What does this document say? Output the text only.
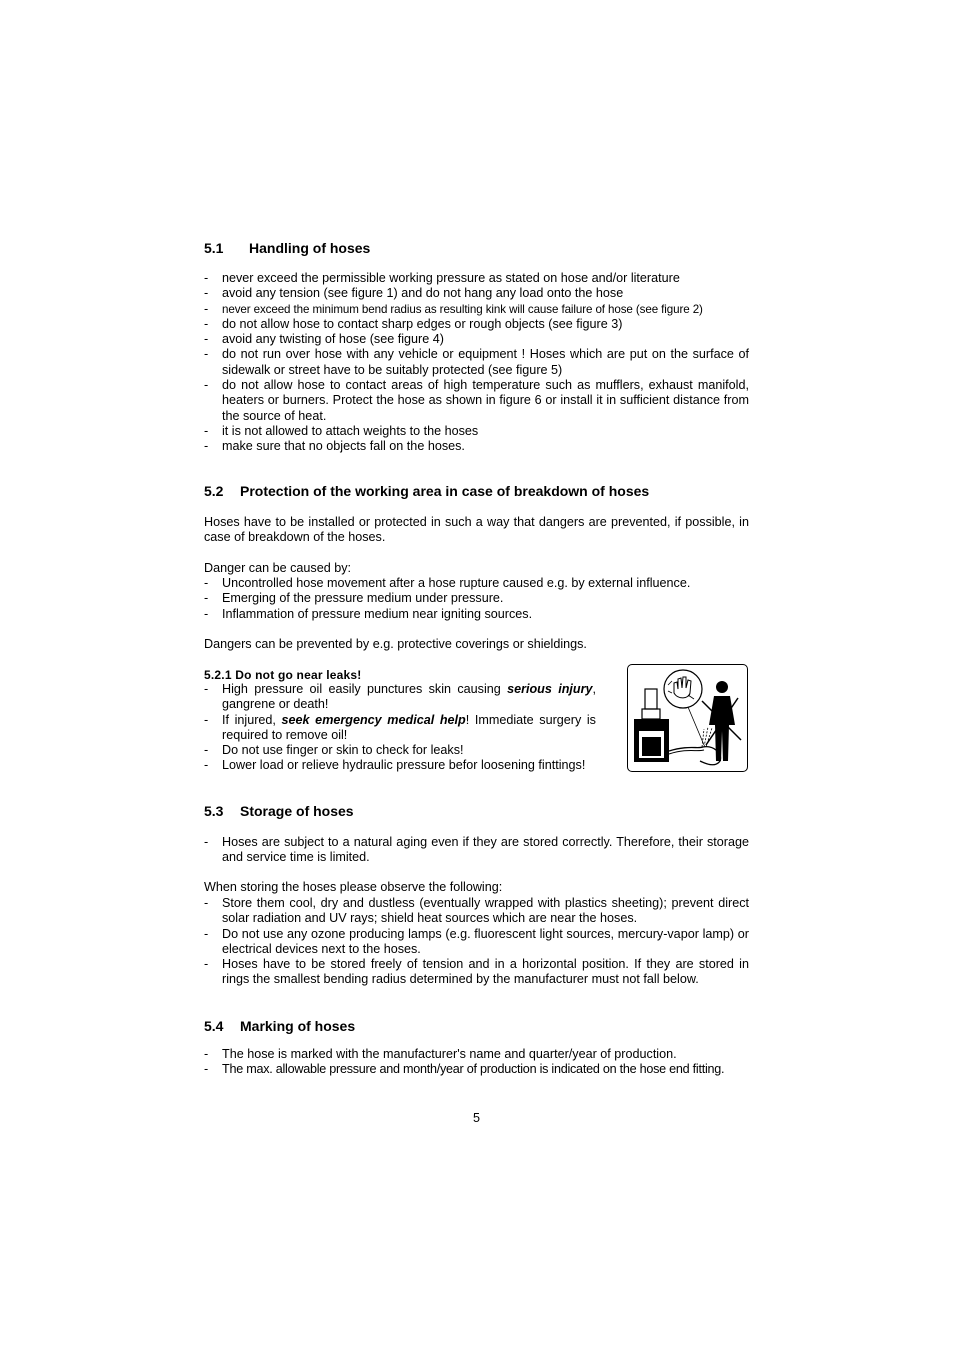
5.1 Handling of hoses
- never exceed the permissible working pressure as stated on hose and/or literature
- avoid any tension (see figure 1) and do not hang any load onto the hose
- never exceed the minimum bend radius as resulting kink will cause failure of hose (see figure 2)
- do not allow hose to contact sharp edges or rough objects (see figure 3)
- avoid any twisting of hose (see figure 4)
- do not run over hose with any vehicle or equipment ! Hoses which are put on the surface of sidewalk or street have to be suitably protected (see figure 5)
- do not allow hose to contact areas of high temperature such as mufflers, exhaust manifold, heaters or burners. Protect the hose as shown in figure 6 or install it in sufficient distance from the source of heat.
- it is not allowed to attach weights to the hoses
- make sure that no objects fall on the hoses.
5.2 Protection of the working area in case of breakdown of hoses
Hoses have to be installed or protected in such a way that dangers are prevented, if possible, in case of breakdown of the hoses.
Danger can be caused by:
- Uncontrolled hose movement after a hose rupture caused e.g. by external influence.
- Emerging of the pressure medium under pressure.
- Inflammation of pressure medium near igniting sources.
Dangers can be prevented by e.g. protective coverings or shieldings.
5.2.1 Do not go near leaks!
- High pressure oil easily punctures skin causing serious injury, gangrene or death!
- If injured, seek emergency medical help! Immediate surgery is required to remove oil!
- Do not use finger or skin to check for leaks!
- Lower load or relieve hydraulic pressure befor loosening finttings!
5.3 Storage of hoses
- Hoses are subject to a natural aging even if they are stored correctly. Therefore, their storage and service time is limited.
When storing the hoses please observe the following:
- Store them cool, dry and dustless (eventually wrapped with plastics sheeting); prevent direct solar radiation and UV rays; shield heat sources which are near the hoses.
- Do not use any ozone producing lamps (e.g. fluorescent light sources, mercury-vapor lamp) or electrical devices next to the hoses.
- Hoses have to be stored freely of tension and in a horizontal position. If they are stored in rings the smallest bending radius determined by the manufacturer must not fall below.
5.4 Marking of hoses
- The hose is marked with the manufacturer's name and quarter/year of production.
- The max. allowable pressure and month/year of production is indicated on the hose end fitting.
5
